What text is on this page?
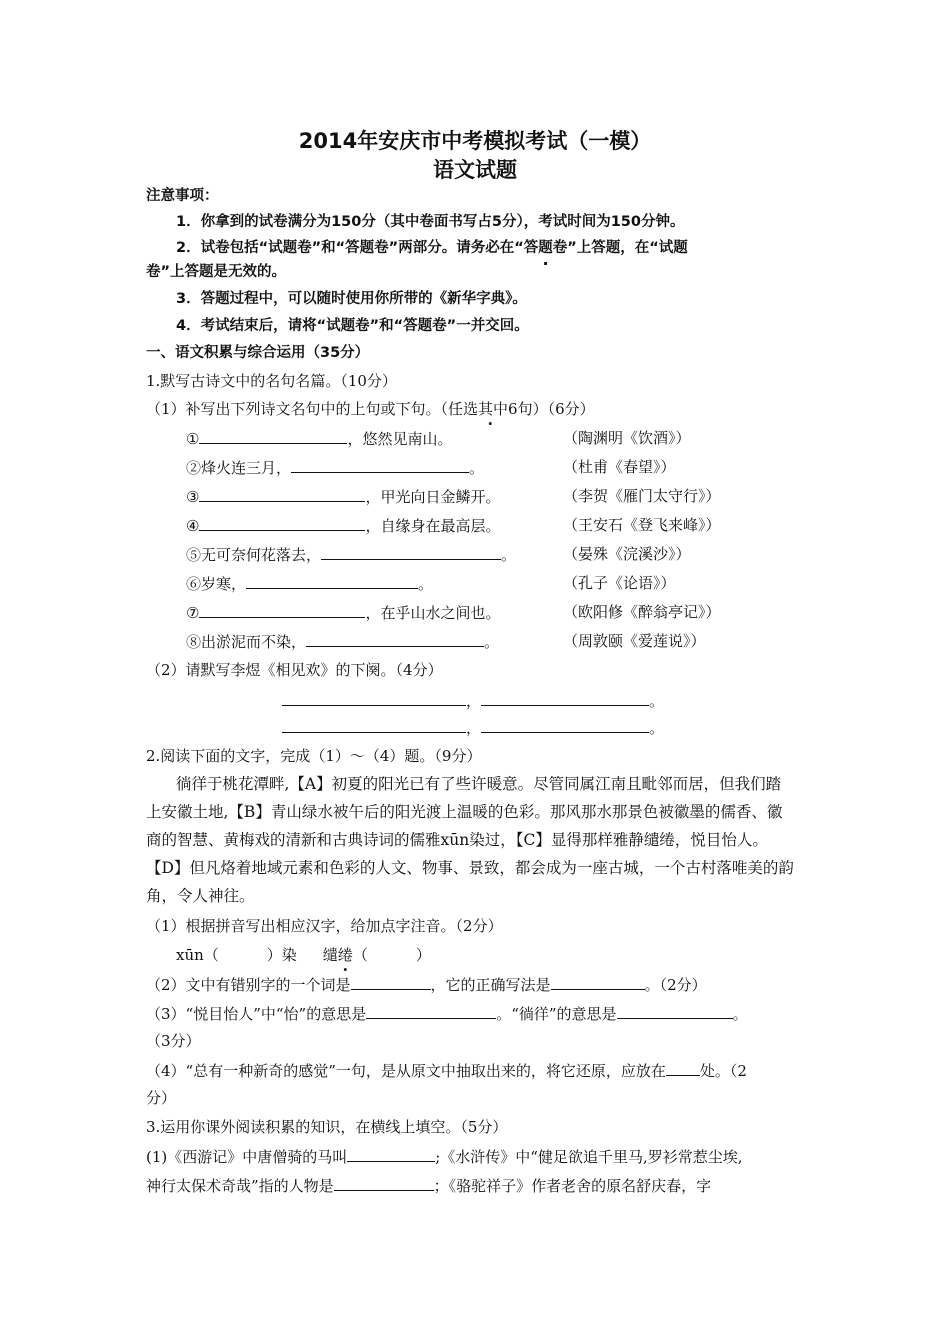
2014年安庆市中考模拟考试（一模）
语文试题
注意事项：
1．你拿到的试卷满分为150分（其中卷面书写占5分），考试时间为150分钟。
2．试卷包括“试题卷”和“答题卷”两部分。请务必在“答题卷”上答题，在“试题
卷”上答题是无效的。
3．答题过程中，可以随时使用你所带的《新华字典》。
4．考试结束后，请将“试题卷”和“答题卷”一并交回。
一、语文积累与综合运用（35分）
1.默写古诗文中的名句名篇。（10分）
（1）补写出下列诗文名句中的上句或下句。（任选其中6句 .）（6分）
①	，悠然见南山。	（陶渊明《饮酒》）
②烽火连三月，	。	（杜甫《春望》）
③	，甲光向日金鳞开。	（李贺《雁门太守行》）
④	，自缘身在最高层。	（王安石《登飞来峰》）
⑤无可奈何花落去，	。	（晏殊《浣溪沙》）
⑥岁寒，	。	（孔子《论语》）
⑦	，在乎山水之间也。	（欧阳修《醉翁亭记》）
⑧出淤泥而不染，	。	（周敦颐《爱莲说》）
（2）请默写李煜《相见欢》的下阕。（4分）
，	。
，	。
2.阅读下面的文字，完成（1）～（4）题。（9分）
徜徉于桃花潭畔,【A】初夏的阳光已有了些许暖意。尽管同属江南且毗邻而居，但我们踏
上安徽土地,【B】青山绿水被午后的阳光渡上温暖的色彩。那风那水那景色被徽墨的儒香、徽
商的智慧、黄梅戏的清新和古典诗词的儒雅xūn染过，【C】显得那样雅静缱绻，悦目怡人。
【D】但凡烙着地域元素和色彩的人文、物事、景致，都会成为一座古城，一个古村落唯美的韵
角，令人神往。
（1）根据拼音写出相应汉字，给加点字注音。（2分）
xūn（	）染 缱绻（	）
（2）文中有错别字的一个词是	，它的正确写法是	。（2分）
（3）“悦目怡人”中“怡”的意思是	。“徜徉”的意思是	。
（3分）
（4）“总有一种新奇的感觉”一句，是从原文中抽取出来的，将它还原，应放在 处。（2
分）
3.运用你课外阅读积累的知识，在横线上填空。（5分）
(1)《西游记》中唐僧骑的马叫	;《水浒传》中“健足欲追千里马,罗衫常惹尘埃,
神行太保术奇哉”指的人物是	；《骆驼祥子》作者老舍的原名舒庆春，字
